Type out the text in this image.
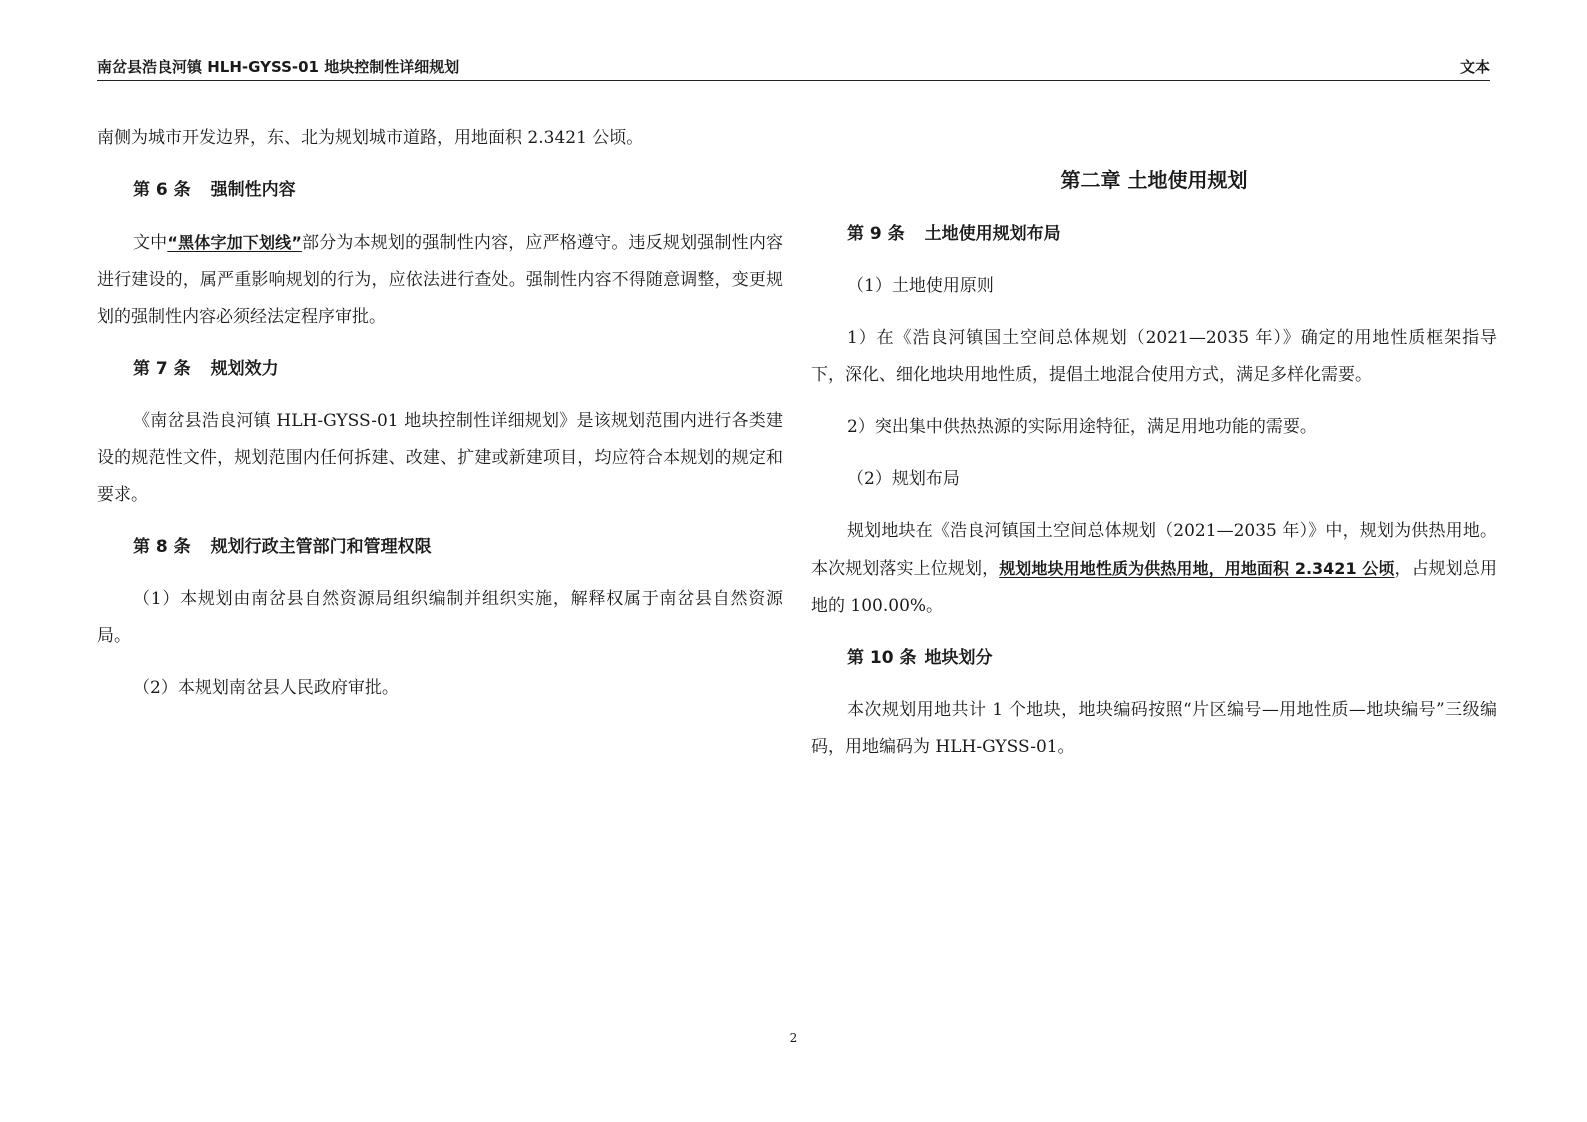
南岔县浩良河镇 HLH-GYSS-01 地块控制性详细规划	文本

南侧为城市开发边界，东、北为规划城市道路，用地面积 2.3421 公顷。

第 6 条 强制性内容

文中“黑体字加下划线”部分为本规划的强制性内容，应严格遵守。违反规划强制性内容进行建设的，属严重影响规划的行为，应依法进行查处。强制性内容不得随意调整，变更规划的强制性内容必须经法定程序审批。

第 7 条 规划效力

《南岔县浩良河镇 HLH-GYSS-01 地块控制性详细规划》是该规划范围内进行各类建设的规范性文件，规划范围内任何拆建、改建、扩建或新建项目，均应符合本规划的规定和要求。

第 8 条 规划行政主管部门和管理权限

（1）本规划由南岔县自然资源局组织编制并组织实施，解释权属于南岔县自然资源局。

（2）本规划南岔县人民政府审批。

第二章 土地使用规划
第 9 条 土地使用规划布局

（1）土地使用原则

1）在《浩良河镇国土空间总体规划（2021—2035 年）》确定的用地性质框架指导下，深化、细化地块用地性质，提倡土地混合使用方式，满足多样化需要。

2）突出集中供热热源的实际用途特征，满足用地功能的需要。

（2）规划布局

规划地块在《浩良河镇国土空间总体规划（2021—2035 年）》中，规划为供热用地。本次规划落实上位规划，规划地块用地性质为供热用地，用地面积 2.3421 公顷，占规划总用地的 100.00%。

第 10 条 地块划分

本次规划用地共计 1 个地块，地块编码按照“片区编号—用地性质—地块编号”三级编码，用地编码为 HLH-GYSS-01。

2
